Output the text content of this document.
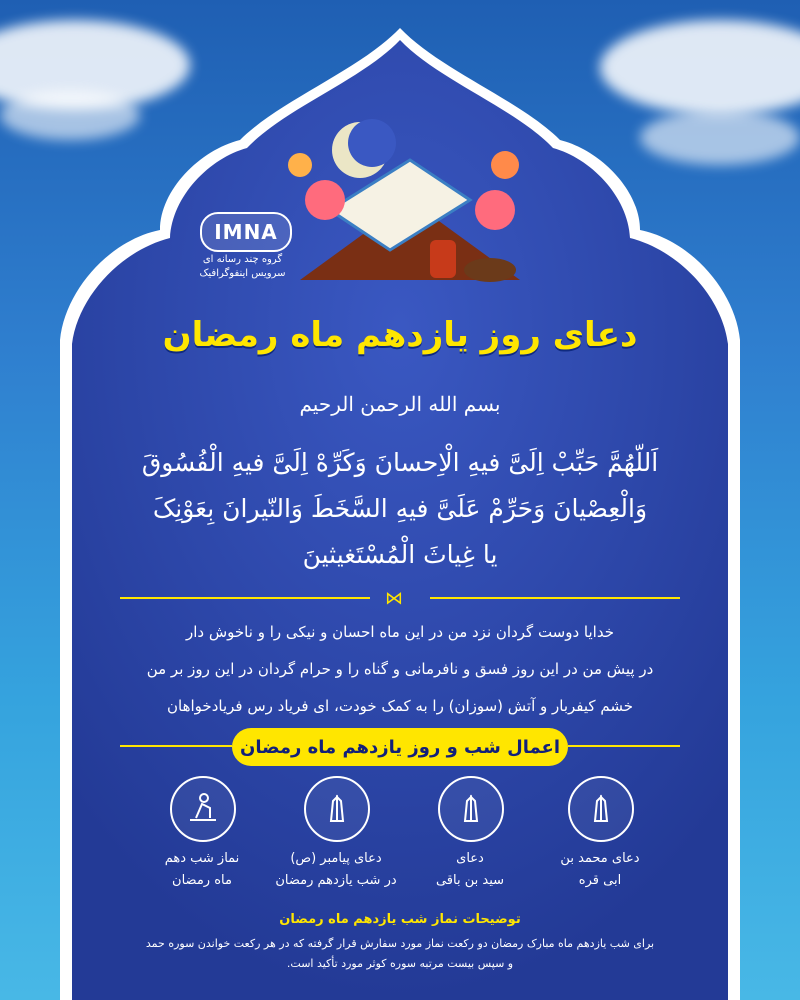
IMNA
گروه چند رسانه ای
سرویس اینفوگرافیک
دعای روز یازدهم ماه رمضان
بسم الله الرحمن الرحیم
اَللّهُمَّ حَبِّبْ اِلَیَّ فیهِ الْاِحسانَ وَکَرِّهْ اِلَیَّ فیهِ الْفُسُوقَ
وَالْعِصْیانَ وَحَرِّمْ عَلَیَّ فیهِ السَّخَطَ وَالنّیرانَ بِعَوْنِکَ
یا غِیاثَ الْمُسْتَغیثینَ
⋈
خدایا دوست گردان نزد من در این ماه احسان و نیکی را و ناخوش دار
در پیش من در این روز فسق و نافرمانی و گناه را و حرام گردان در این روز بر من
خشم کیفربار و آتش (سوزان) را به کمک خودت، ای فریاد رس فریادخواهان
اعمال شب و روز یازدهم ماه رمضان
دعای محمد بن
ابی قره
دعای
سید بن باقی
دعای پیامبر (ص)
در شب یازدهم رمضان
نماز شب دهم
ماه رمضان
توضیحات نماز شب یازدهم ماه رمضان
برای شب یازدهم ماه مبارک رمضان دو رکعت نماز مورد سفارش قرار گرفته که در هر رکعت خواندن سوره حمد
و سپس بیست مرتبه سوره کوثر مورد تأکید است.
